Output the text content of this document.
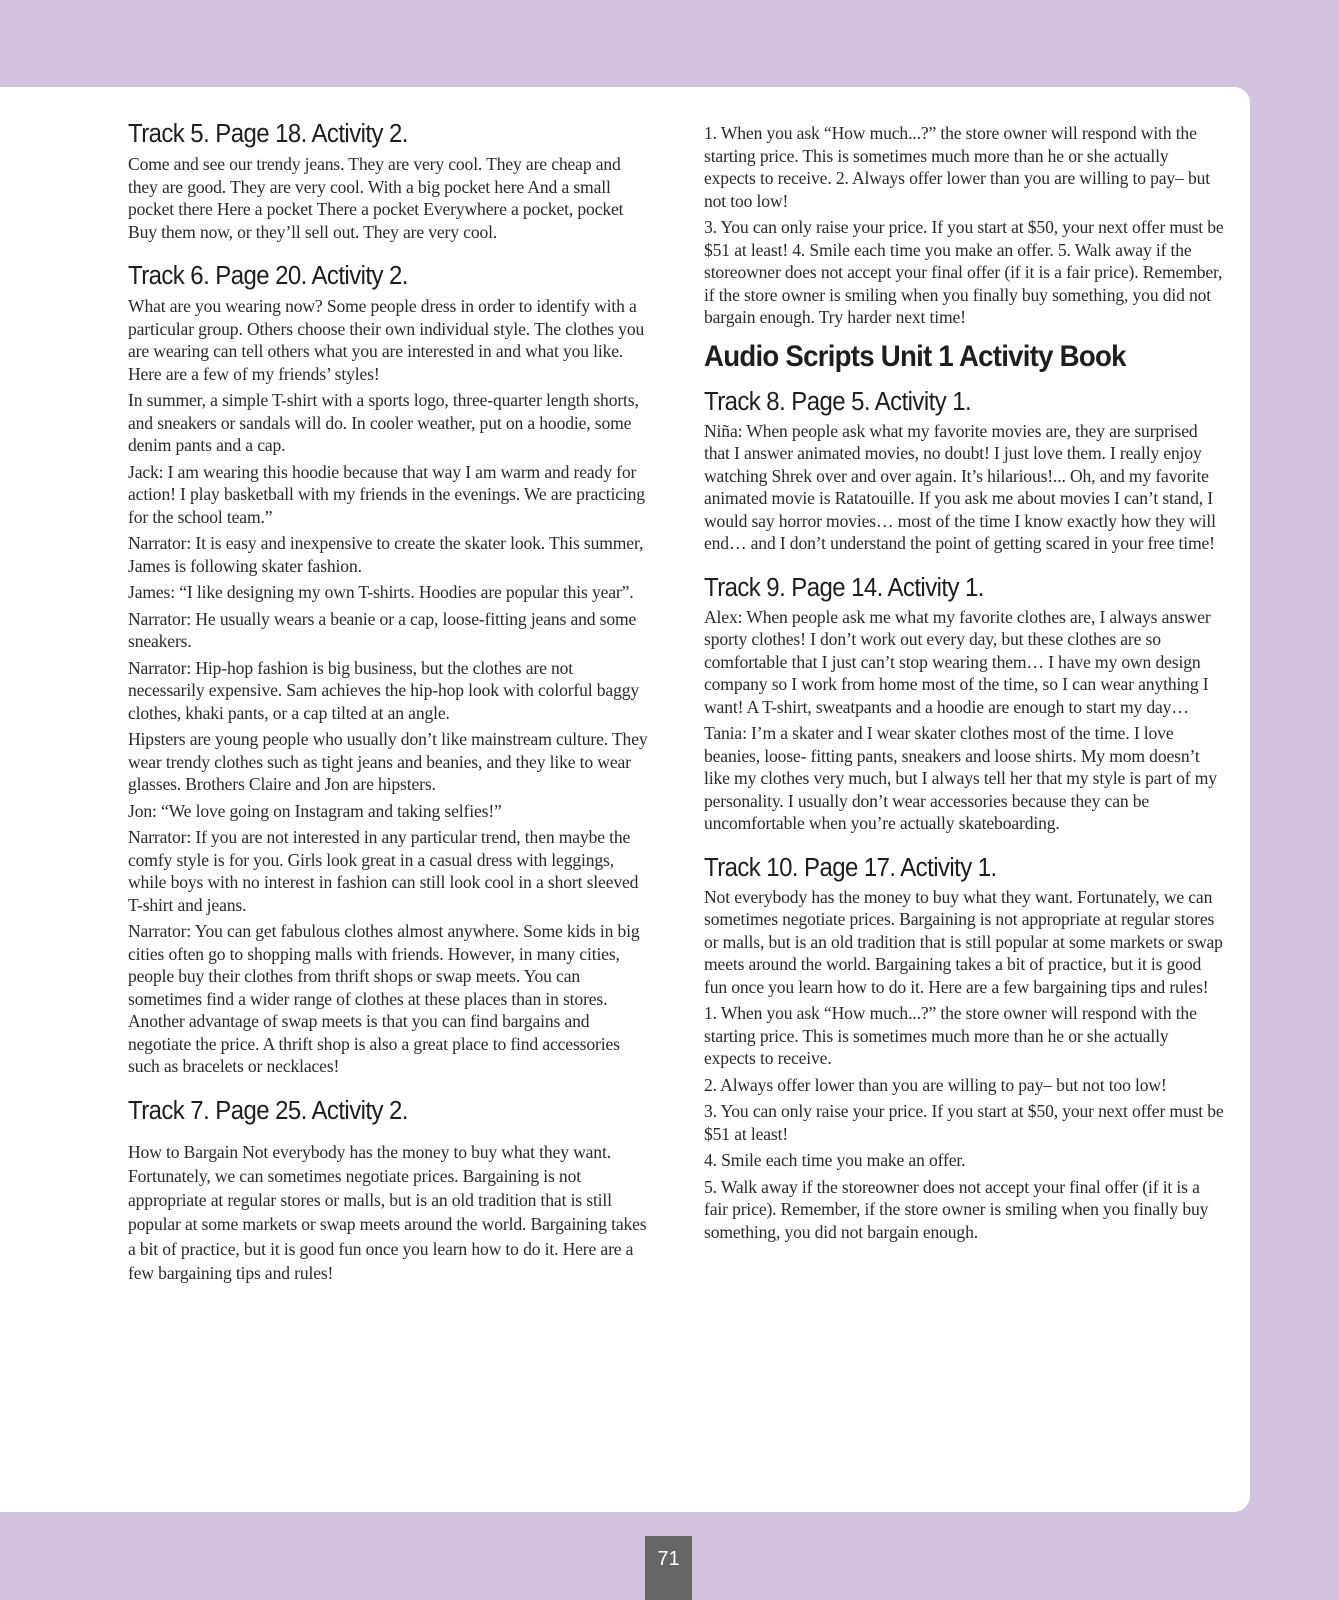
Track 5. Page 18. Activity 2.

Come and see our trendy jeans. They are very cool. They are cheap and they are good. They are very cool. With a big pocket here And a small pocket there Here a pocket There a pocket Everywhere a pocket, pocket Buy them now, or they’ll sell out. They are very cool.

Track 6. Page 20. Activity 2.

What are you wearing now? Some people dress in order to identify with a particular group. Others choose their own individual style. The clothes you are wearing can tell others what you are interested in and what you like. Here are a few of my friends’ styles!

In summer, a simple T-shirt with a sports logo, three-quarter length shorts, and sneakers or sandals will do. In cooler weather, put on a hoodie, some denim pants and a cap.

Jack: I am wearing this hoodie because that way I am warm and ready for action! I play basketball with my friends in the evenings. We are practicing for the school team.”

Narrator: It is easy and inexpensive to create the skater look. This summer, James is following skater fashion.

James: “I like designing my own T-shirts. Hoodies are popular this year”.

Narrator: He usually wears a beanie or a cap, loose-fitting jeans and some sneakers.

Narrator: Hip-hop fashion is big business, but the clothes are not necessarily expensive. Sam achieves the hip-hop look with colorful baggy clothes, khaki pants, or a cap tilted at an angle.

Hipsters are young people who usually don’t like mainstream culture. They wear trendy clothes such as tight jeans and beanies, and they like to wear glasses. Brothers Claire and Jon are hipsters.

Jon: “We love going on Instagram and taking selfies!”

Narrator: If you are not interested in any particular trend, then maybe the comfy style is for you. Girls look great in a casual dress with leggings, while boys with no interest in fashion can still look cool in a short sleeved T-shirt and jeans.

Narrator: You can get fabulous clothes almost anywhere. Some kids in big cities often go to shopping malls with friends. However, in many cities, people buy their clothes from thrift shops or swap meets. You can sometimes find a wider range of clothes at these places than in stores. Another advantage of swap meets is that you can find bargains and negotiate the price. A thrift shop is also a great place to find accessories such as bracelets or necklaces!

Track 7. Page 25. Activity 2.

How to Bargain Not everybody has the money to buy what they want. Fortunately, we can sometimes negotiate prices. Bargaining is not appropriate at regular stores or malls, but is an old tradition that is still popular at some markets or swap meets around the world. Bargaining takes a bit of practice, but it is good fun once you learn how to do it. Here are a few bargaining tips and rules!

1. When you ask “How much...?” the store owner will respond with the starting price. This is sometimes much more than he or she actually expects to receive. 2. Always offer lower than you are willing to pay– but not too low!

3. You can only raise your price. If you start at $50, your next offer must be $51 at least! 4. Smile each time you make an offer. 5. Walk away if the storeowner does not accept your final offer (if it is a fair price). Remember, if the store owner is smiling when you finally buy something, you did not bargain enough. Try harder next time!

Audio Scripts Unit 1 Activity Book
Track 8. Page 5. Activity 1.

Niña: When people ask what my favorite movies are, they are surprised that I answer animated movies, no doubt! I just love them. I really enjoy watching Shrek over and over again. It’s hilarious!... Oh, and my favorite animated movie is Ratatouille. If you ask me about movies I can’t stand, I would say horror movies… most of the time I know exactly how they will end… and I don’t understand the point of getting scared in your free time!

Track 9. Page 14. Activity 1.

Alex: When people ask me what my favorite clothes are, I always answer sporty clothes! I don’t work out every day, but these clothes are so comfortable that I just can’t stop wearing them… I have my own design company so I work from home most of the time, so I can wear anything I want! A T-shirt, sweatpants and a hoodie are enough to start my day…

Tania: I’m a skater and I wear skater clothes most of the time. I love beanies, loose- fitting pants, sneakers and loose shirts. My mom doesn’t like my clothes very much, but I always tell her that my style is part of my personality. I usually don’t wear accessories because they can be uncomfortable when you’re actually skateboarding.

Track 10. Page 17. Activity 1.

Not everybody has the money to buy what they want. Fortunately, we can sometimes negotiate prices. Bargaining is not appropriate at regular stores or malls, but is an old tradition that is still popular at some markets or swap meets around the world. Bargaining takes a bit of practice, but it is good fun once you learn how to do it. Here are a few bargaining tips and rules!

1. When you ask “How much...?” the store owner will respond with the starting price. This is sometimes much more than he or she actually expects to receive.

2. Always offer lower than you are willing to pay– but not too low!

3. You can only raise your price. If you start at $50, your next offer must be $51 at least!

4. Smile each time you make an offer.

5. Walk away if the storeowner does not accept your final offer (if it is a fair price). Remember, if the store owner is smiling when you finally buy something, you did not bargain enough.

71
